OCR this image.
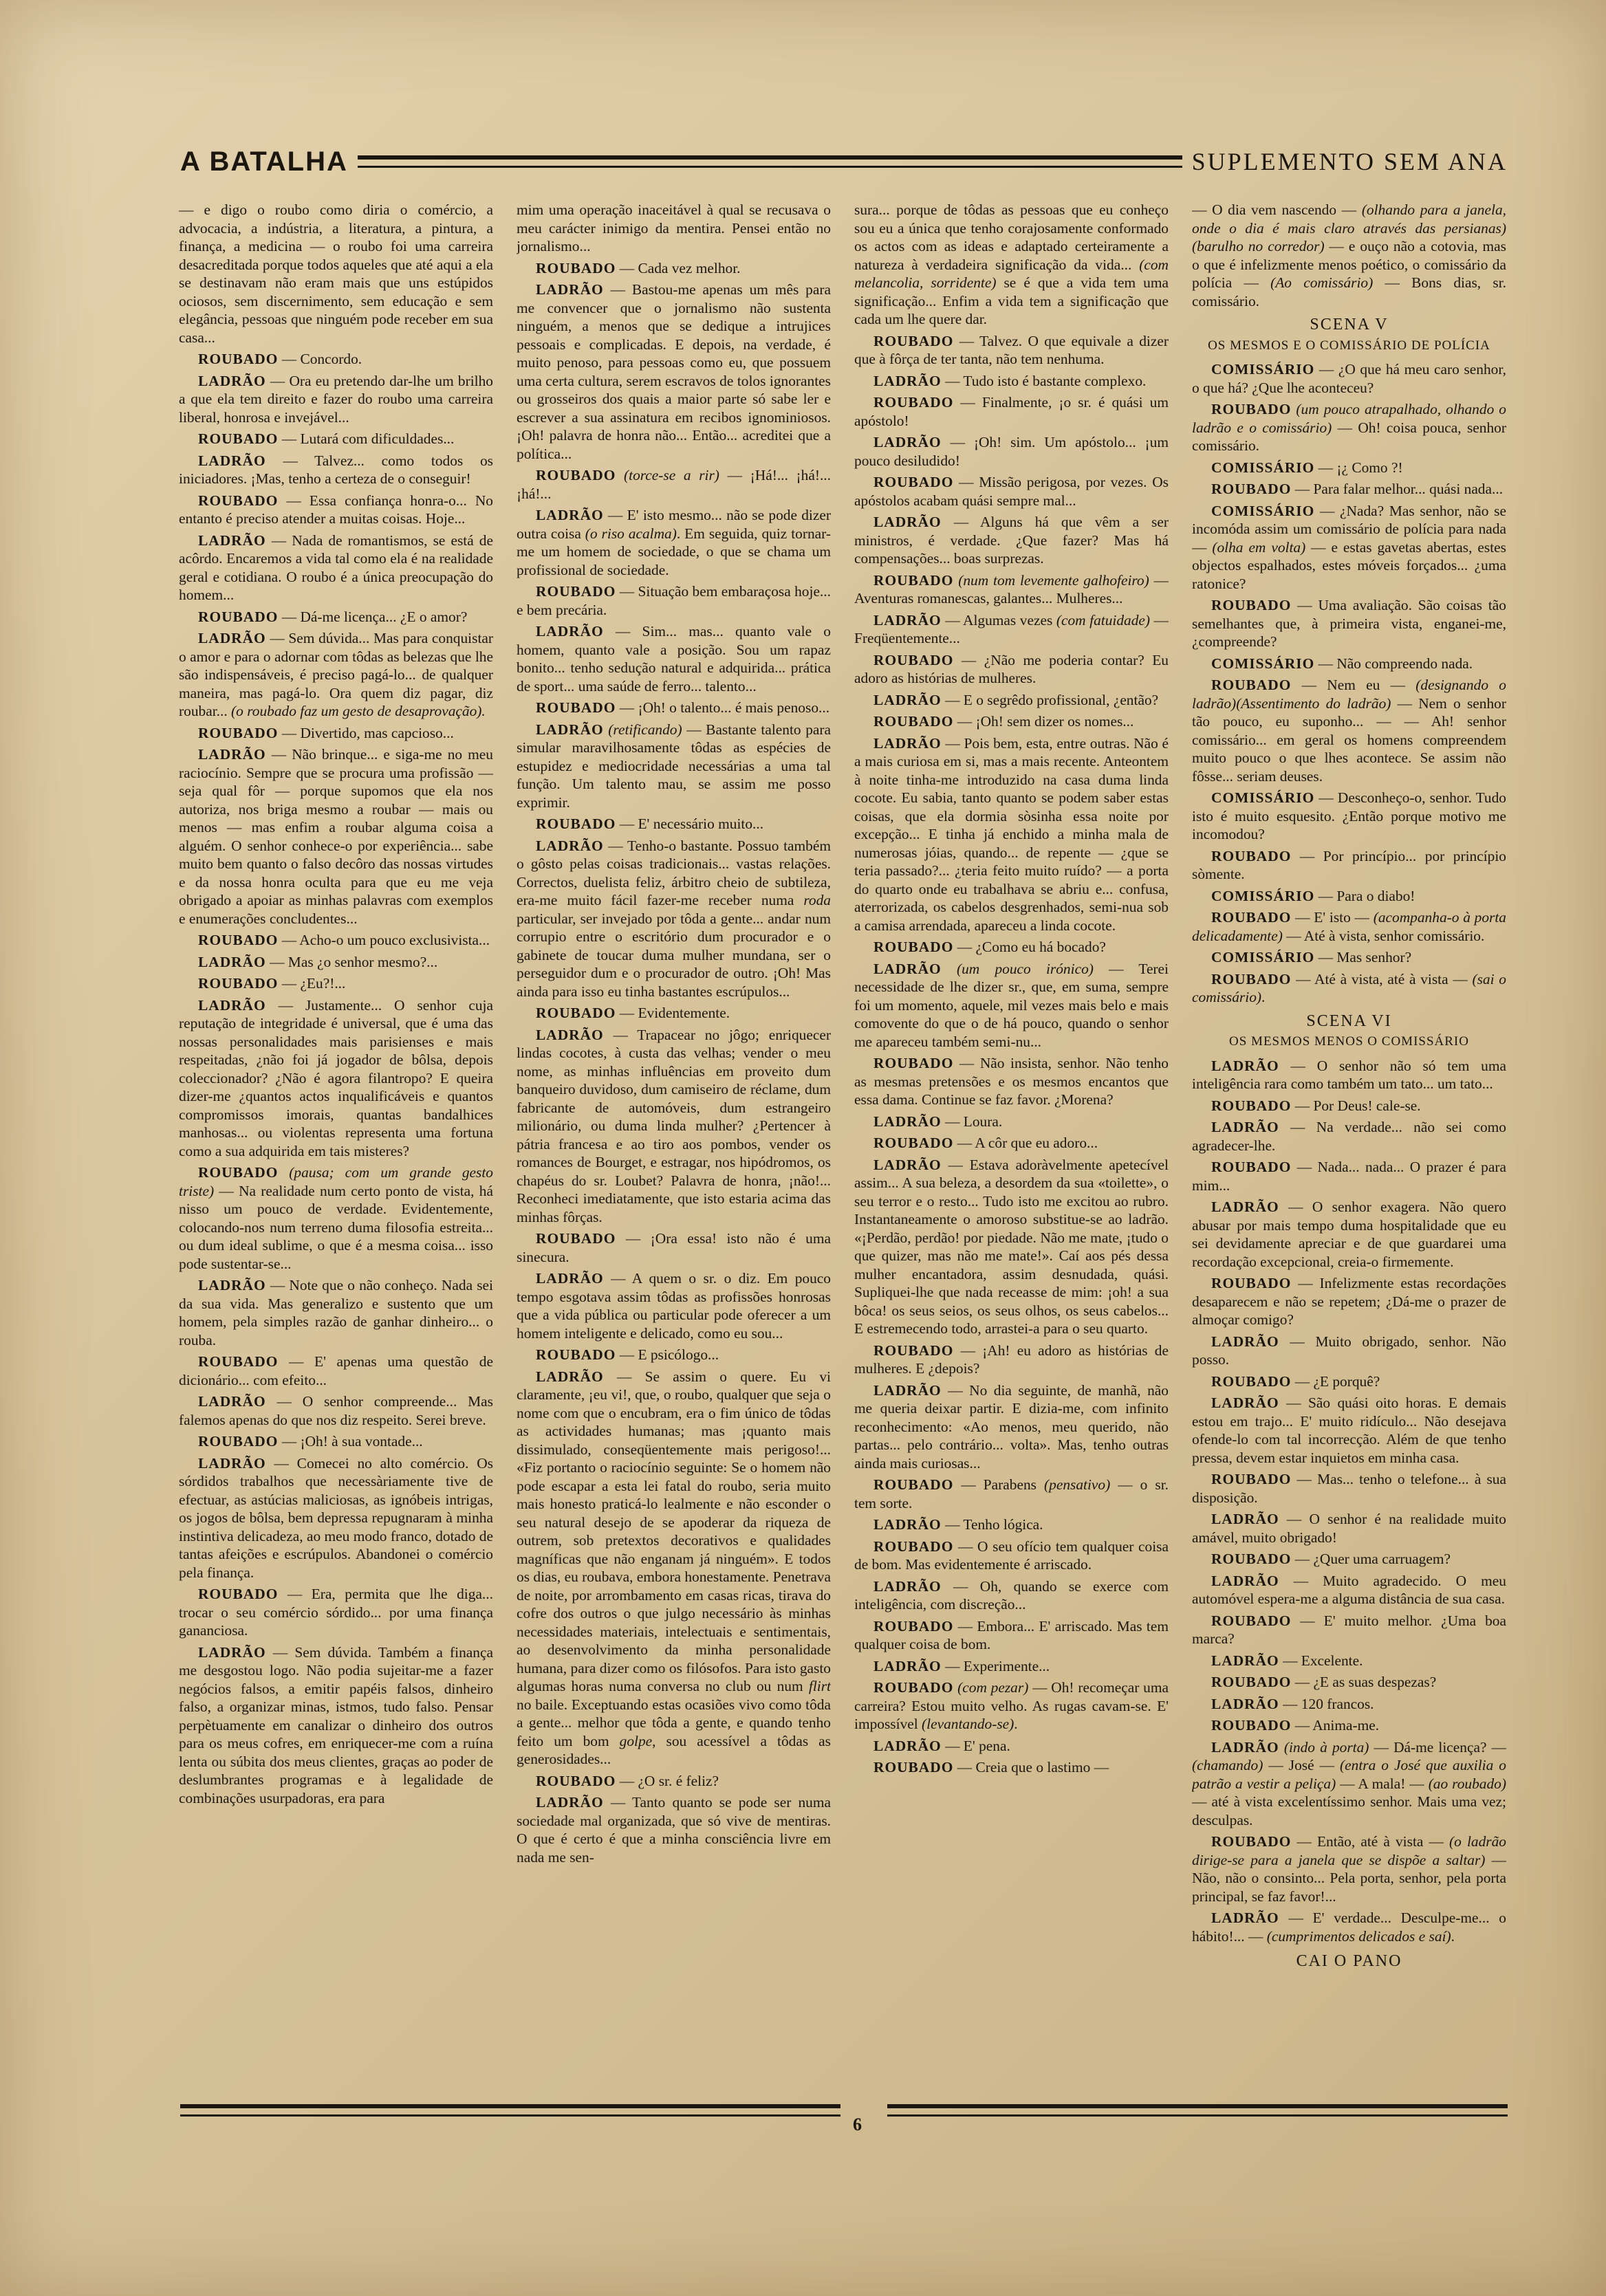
A BATALHA	SUPLEMENTO SEM ANA

— e digo o roubo como diria o comércio, a advocacia, a indústria, a literatura, a pintura, a finança, a medicina — o roubo foi uma carreira desacreditada porque todos aqueles que até aqui a ela se destinavam não eram mais que uns estúpidos ociosos, sem discernimento, sem educação e sem elegância, pessoas que ninguém pode receber em sua casa...

ROUBADO — Concordo.

LADRÃO — Ora eu pretendo dar-lhe um brilho a que ela tem direito e fazer do roubo uma carreira liberal, honrosa e invejável...

ROUBADO — Lutará com dificuldades...

LADRÃO — Talvez... como todos os iniciadores. ¡Mas, tenho a certeza de o conseguir!

ROUBADO — Essa confiança honra-o... No entanto é preciso atender a muitas coisas. Hoje...

LADRÃO — Nada de romantismos, se está de acôrdo. Encaremos a vida tal como ela é na realidade geral e cotidiana. O roubo é a única preocupação do homem...

ROUBADO — Dá-me licença... ¿E o amor?

LADRÃO — Sem dúvida... Mas para conquistar o amor e para o adornar com tôdas as belezas que lhe são indispensáveis, é preciso pagá-lo... de qualquer maneira, mas pagá-lo. Ora quem diz pagar, diz roubar... (o roubado faz um gesto de desaprovação).

ROUBADO — Divertido, mas capcioso...

LADRÃO — Não brinque... e siga-me no meu raciocínio. Sempre que se procura uma profissão — seja qual fôr — porque supomos que ela nos autoriza, nos briga mesmo a roubar — mais ou menos — mas enfim a roubar alguma coisa a alguém. O senhor conhece-o por experiência... sabe muito bem quanto o falso decôro das nossas virtudes e da nossa honra oculta para que eu me veja obrigado a apoiar as minhas palavras com exemplos e enumerações concludentes...

ROUBADO — Acho-o um pouco exclusivista...

LADRÃO — Mas ¿o senhor mesmo?...

ROUBADO — ¿Eu?!...

LADRÃO — Justamente... O senhor cuja reputação de integridade é universal, que é uma das nossas personalidades mais parisienses e mais respeitadas, ¿não foi já jogador de bôlsa, depois coleccionador? ¿Não é agora filantropo? E queira dizer-me ¿quantos actos inqualificáveis e quantos compromissos imorais, quantas bandalhices manhosas... ou violentas representa uma fortuna como a sua adquirida em tais misteres?

ROUBADO (pausa; com um grande gesto triste) — Na realidade num certo ponto de vista, há nisso um pouco de verdade. Evidentemente, colocando-nos num terreno duma filosofia estreita... ou dum ideal sublime, o que é a mesma coisa... isso pode sustentar-se...

LADRÃO — Note que o não conheço. Nada sei da sua vida. Mas generalizo e sustento que um homem, pela simples razão de ganhar dinheiro... o rouba.

ROUBADO — E' apenas uma questão de dicionário... com efeito...

LADRÃO — O senhor compreende... Mas falemos apenas do que nos diz respeito. Serei breve.

ROUBADO — ¡Oh! à sua vontade...

LADRÃO — Comecei no alto comércio. Os sórdidos trabalhos que necessàriamente tive de efectuar, as astúcias maliciosas, as ignóbeis intrigas, os jogos de bôlsa, bem depressa repugnaram à minha instintiva delicadeza, ao meu modo franco, dotado de tantas afeições e escrúpulos. Abandonei o comércio pela finança.

ROUBADO — Era, permita que lhe diga... trocar o seu comércio sórdido... por uma finança gananciosa.

LADRÃO — Sem dúvida. Também a finança me desgostou logo. Não podia sujeitar-me a fazer negócios falsos, a emitir papéis falsos, dinheiro falso, a organizar minas, istmos, tudo falso. Pensar perpètuamente em canalizar o dinheiro dos outros para os meus cofres, em enriquecer-me com a ruína lenta ou súbita dos meus clientes, graças ao poder de deslumbrantes programas e à legalidade de combinações usurpadoras, era para

mim uma operação inaceitável à qual se recusava o meu carácter inimigo da mentira. Pensei então no jornalismo...

ROUBADO — Cada vez melhor.

LADRÃO — Bastou-me apenas um mês para me convencer que o jornalismo não sustenta ninguém, a menos que se dedique a intrujices pessoais e complicadas. E depois, na verdade, é muito penoso, para pessoas como eu, que possuem uma certa cultura, serem escravos de tolos ignorantes ou grosseiros dos quais a maior parte só sabe ler e escrever a sua assinatura em recibos ignominiosos. ¡Oh! palavra de honra não... Então... acreditei que a política...

ROUBADO (torce-se a rir) — ¡Há!... ¡há!... ¡há!...

LADRÃO — E' isto mesmo... não se pode dizer outra coisa (o riso acalma). Em seguida, quiz tornar-me um homem de sociedade, o que se chama um profissional de sociedade.

ROUBADO — Situação bem embaraçosa hoje... e bem precária.

LADRÃO — Sim... mas... quanto vale o homem, quanto vale a posição. Sou um rapaz bonito... tenho sedução natural e adquirida... prática de sport... uma saúde de ferro... talento...

ROUBADO — ¡Oh! o talento... é mais penoso...

LADRÃO (retificando) — Bastante talento para simular maravilhosamente tôdas as espécies de estupidez e mediocridade necessárias a uma tal função. Um talento mau, se assim me posso exprimir.

ROUBADO — E' necessário muito...

LADRÃO — Tenho-o bastante. Possuo também o gôsto pelas coisas tradicionais... vastas relações. Correctos, duelista feliz, árbitro cheio de subtileza, era-me muito fácil fazer-me receber numa roda particular, ser invejado por tôda a gente... andar num corrupio entre o escritório dum procurador e o gabinete de toucar duma mulher mundana, ser o perseguidor dum e o procurador de outro. ¡Oh! Mas ainda para isso eu tinha bastantes escrúpulos...

ROUBADO — Evidentemente.

LADRÃO — Trapacear no jôgo; enriquecer lindas cocotes, à custa das velhas; vender o meu nome, as minhas influências em proveito dum banqueiro duvidoso, dum camiseiro de réclame, dum fabricante de automóveis, dum estrangeiro milionário, ou duma linda mulher? ¿Pertencer à pátria francesa e ao tiro aos pombos, vender os romances de Bourget, e estragar, nos hipódromos, os chapéus do sr. Loubet? Palavra de honra, ¡não!... Reconheci imediatamente, que isto estaria acima das minhas fôrças.

ROUBADO — ¡Ora essa! isto não é uma sinecura.

LADRÃO — A quem o sr. o diz. Em pouco tempo esgotava assim tôdas as profissões honrosas que a vida pública ou particular pode oferecer a um homem inteligente e delicado, como eu sou...

ROUBADO — E psicólogo...

LADRÃO — Se assim o quere. Eu vi claramente, ¡eu vi!, que, o roubo, qualquer que seja o nome com que o encubram, era o fim único de tôdas as actividades humanas; mas ¡quanto mais dissimulado, conseqüentemente mais perigoso!... «Fiz portanto o raciocínio seguinte: Se o homem não pode escapar a esta lei fatal do roubo, seria muito mais honesto praticá-lo lealmente e não esconder o seu natural desejo de se apoderar da riqueza de outrem, sob pretextos decorativos e qualidades magníficas que não enganam já ninguém». E todos os dias, eu roubava, embora honestamente. Penetrava de noite, por arrombamento em casas ricas, tirava do cofre dos outros o que julgo necessário às minhas necessidades materiais, intelectuais e sentimentais, ao desenvolvimento da minha personalidade humana, para dizer como os filósofos. Para isto gasto algumas horas numa conversa no club ou num flirt no baile. Exceptuando estas ocasiões vivo como tôda a gente... melhor que tôda a gente, e quando tenho feito um bom golpe, sou acessível a tôdas as generosidades...

ROUBADO — ¿O sr. é feliz?

LADRÃO — Tanto quanto se pode ser numa sociedade mal organizada, que só vive de mentiras. O que é certo é que a minha consciência livre em nada me sen-

sura... porque de tôdas as pessoas que eu conheço sou eu a única que tenho corajosamente conformado os actos com as ideas e adaptado certeiramente a natureza à verdadeira significação da vida... (com melancolia, sorridente) se é que a vida tem uma significação... Enfim a vida tem a significação que cada um lhe quere dar.

ROUBADO — Talvez. O que equivale a dizer que à fôrça de ter tanta, não tem nenhuma.

LADRÃO — Tudo isto é bastante complexo.

ROUBADO — Finalmente, ¡o sr. é quási um apóstolo!

LADRÃO — ¡Oh! sim. Um apóstolo... ¡um pouco desiludido!

ROUBADO — Missão perigosa, por vezes. Os apóstolos acabam quási sempre mal...

LADRÃO — Alguns há que vêm a ser ministros, é verdade. ¿Que fazer? Mas há compensações... boas surprezas.

ROUBADO (num tom levemente galhofeiro) — Aventuras romanescas, galantes... Mulheres...

LADRÃO — Algumas vezes (com fatuidade) — Freqüentemente...

ROUBADO — ¿Não me poderia contar? Eu adoro as histórias de mulheres.

LADRÃO — E o segrêdo profissional, ¿então?

ROUBADO — ¡Oh! sem dizer os nomes...

LADRÃO — Pois bem, esta, entre outras. Não é a mais curiosa em si, mas a mais recente. Anteontem à noite tinha-me introduzido na casa duma linda cocote. Eu sabia, tanto quanto se podem saber estas coisas, que ela dormia sòsinha essa noite por excepção... E tinha já enchido a minha mala de numerosas jóias, quando... de repente — ¿que se teria passado?... ¿teria feito muito ruído? — a porta do quarto onde eu trabalhava se abriu e... confusa, aterrorizada, os cabelos desgrenhados, semi-nua sob a camisa arrendada, apareceu a linda cocote.

ROUBADO — ¿Como eu há bocado?

LADRÃO (um pouco irónico) — Terei necessidade de lhe dizer sr., que, em suma, sempre foi um momento, aquele, mil vezes mais belo e mais comovente do que o de há pouco, quando o senhor me apareceu também semi-nu...

ROUBADO — Não insista, senhor. Não tenho as mesmas pretensões e os mesmos encantos que essa dama. Continue se faz favor. ¿Morena?

LADRÃO — Loura.

ROUBADO — A côr que eu adoro...

LADRÃO — Estava adoràvelmente apetecível assim... A sua beleza, a desordem da sua «toilette», o seu terror e o resto... Tudo isto me excitou ao rubro. Instantaneamente o amoroso substitue-se ao ladrão. «¡Perdão, perdão! por piedade. Não me mate, ¡tudo o que quizer, mas não me mate!». Caí aos pés dessa mulher encantadora, assim desnudada, quási. Supliquei-lhe que nada receasse de mim: ¡oh! a sua bôca! os seus seios, os seus olhos, os seus cabelos... E estremecendo todo, arrastei-a para o seu quarto.

ROUBADO — ¡Ah! eu adoro as histórias de mulheres. E ¿depois?

LADRÃO — No dia seguinte, de manhã, não me queria deixar partir. E dizia-me, com infinito reconhecimento: «Ao menos, meu querido, não partas... pelo contrário... volta». Mas, tenho outras ainda mais curiosas...

ROUBADO — Parabens (pensativo) — o sr. tem sorte.

LADRÃO — Tenho lógica.

ROUBADO — O seu ofício tem qualquer coisa de bom. Mas evidentemente é arriscado.

LADRÃO — Oh, quando se exerce com inteligência, com discreção...

ROUBADO — Embora... E' arriscado. Mas tem qualquer coisa de bom.

LADRÃO — Experimente...

ROUBADO (com pezar) — Oh! recomeçar uma carreira? Estou muito velho. As rugas cavam-se. E' impossível (levantando-se).

LADRÃO — E' pena.

ROUBADO — Creia que o lastimo —

— O dia vem nascendo — (olhando para a janela, onde o dia é mais claro através das persianas)(barulho no corredor) — e ouço não a cotovia, mas o que é infelizmente menos poético, o comissário da polícia — (Ao comissário) — Bons dias, sr. comissário.

SCENA V

OS MESMOS E O COMISSÁRIO DE POLÍCIA

COMISSÁRIO — ¿O que há meu caro senhor, o que há? ¿Que lhe aconteceu?

ROUBADO (um pouco atrapalhado, olhando o ladrão e o comissário) — Oh! coisa pouca, senhor comissário.

COMISSÁRIO — ¡¿ Como ?!

ROUBADO — Para falar melhor... quási nada...

COMISSÁRIO — ¿Nada? Mas senhor, não se incomóda assim um comissário de polícia para nada — (olha em volta) — e estas gavetas abertas, estes objectos espalhados, estes móveis forçados... ¿uma ratonice?

ROUBADO — Uma avaliação. São coisas tão semelhantes que, à primeira vista, enganei-me, ¿compreende?

COMISSÁRIO — Não compreendo nada.

ROUBADO — Nem eu — (designando o ladrão)(Assentimento do ladrão) — Nem o senhor tão pouco, eu suponho... — — Ah! senhor comissário... em geral os homens compreendem muito pouco o que lhes acontece. Se assim não fôsse... seriam deuses.

COMISSÁRIO — Desconheço-o, senhor. Tudo isto é muito esquesito. ¿Então porque motivo me incomodou?

ROUBADO — Por princípio... por princípio sòmente.

COMISSÁRIO — Para o diabo!

ROUBADO — E' isto — (acompanha-o à porta delicadamente) — Até à vista, senhor comissário.

COMISSÁRIO — Mas senhor?

ROUBADO — Até à vista, até à vista — (sai o comissário).

SCENA VI

OS MESMOS MENOS O COMISSÁRIO

LADRÃO — O senhor não só tem uma inteligência rara como também um tato... um tato...

ROUBADO — Por Deus! cale-se.

LADRÃO — Na verdade... não sei como agradecer-lhe.

ROUBADO — Nada... nada... O prazer é para mim...

LADRÃO — O senhor exagera. Não quero abusar por mais tempo duma hospitalidade que eu sei devidamente apreciar e de que guardarei uma recordação excepcional, creia-o firmemente.

ROUBADO — Infelizmente estas recordações desaparecem e não se repetem; ¿Dá-me o prazer de almoçar comigo?

LADRÃO — Muito obrigado, senhor. Não posso.

ROUBADO — ¿E porquê?

LADRÃO — São quási oito horas. E demais estou em trajo... E' muito ridículo... Não desejava ofende-lo com tal incorrecção. Além de que tenho pressa, devem estar inquietos em minha casa.

ROUBADO — Mas... tenho o telefone... à sua disposição.

LADRÃO — O senhor é na realidade muito amável, muito obrigado!

ROUBADO — ¿Quer uma carruagem?

LADRÃO — Muito agradecido. O meu automóvel espera-me a alguma distância de sua casa.

ROUBADO — E' muito melhor. ¿Uma boa marca?

LADRÃO — Excelente.

ROUBADO — ¿E as suas despezas?

LADRÃO — 120 francos.

ROUBADO — Anima-me.

LADRÃO (indo à porta) — Dá-me licença? — (chamando) — José — (entra o José que auxilia o patrão a vestir a peliça) — A mala! — (ao roubado) — até à vista excelentíssimo senhor. Mais uma vez; desculpas.

ROUBADO — Então, até à vista — (o ladrão dirige-se para a janela que se dispõe a saltar) — Não, não o consinto... Pela porta, senhor, pela porta principal, se faz favor!...

LADRÃO — E' verdade... Desculpe-me... o hábito!... — (cumprimentos delicados e saí).

CAI O PANO

6
